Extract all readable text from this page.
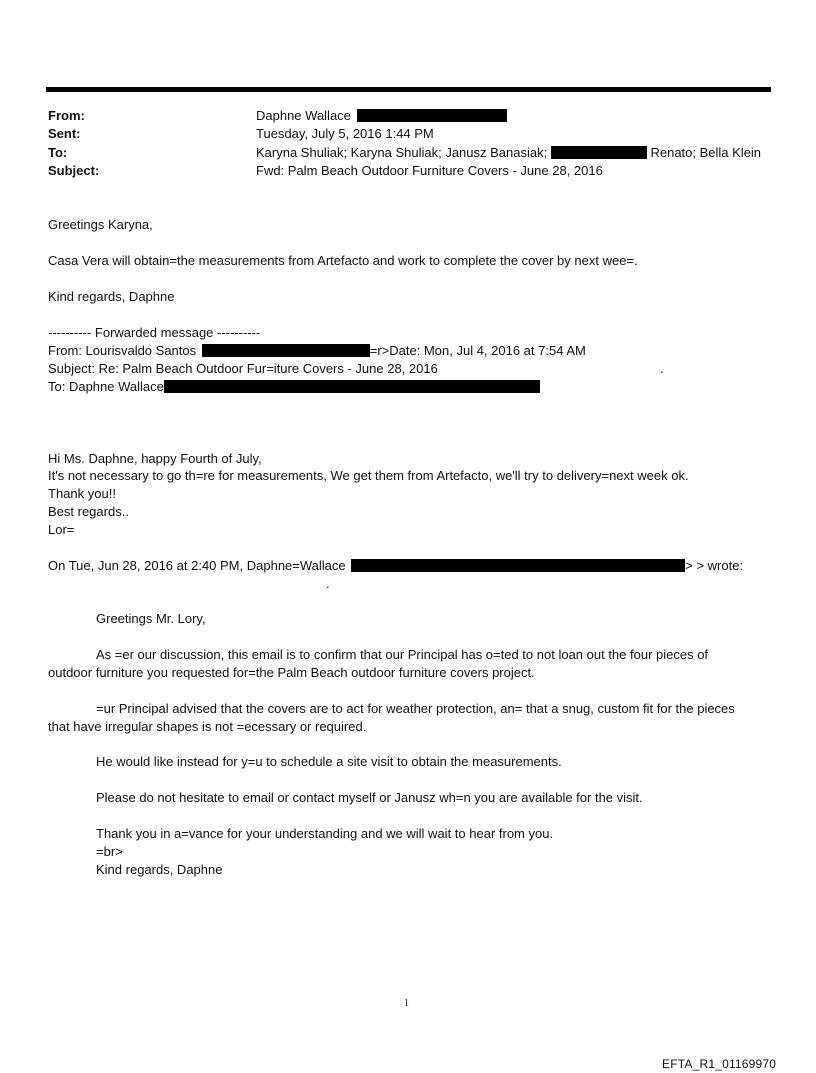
From:	Daphne Wallace
Sent:	Tuesday, July 5, 2016 1:44 PM
To:	Karyna Shuliak; Karyna Shuliak; Janusz Banasiak;	Renato; Bella Klein
Subject:	Fwd: Palm Beach Outdoor Furniture Covers - June 28, 2016
Greetings Karyna,
Casa Vera will obtain=the measurements from Artefacto and work to complete the cover by next wee=.
Kind regards, Daphne
---------- Forwarded message ----------
From: Lourisvaldo Santos	=r>Date: Mon, Jul 4, 2016 at 7:54 AM
Subject: Re: Palm Beach Outdoor Fur=iture Covers - June 28, 2016	.
To: Daphne Wallace
Hi Ms. Daphne, happy Fourth of July,
It's not necessary to go th=re for measurements, We get them from Artefacto, we'll try to delivery=next week ok.
Thank you!!
Best regards..
Lor=
On Tue, Jun 28, 2016 at 2:40 PM, Daphne=Wallace	> > wrote:
.
Greetings Mr. Lory,
As =er our discussion, this email is to confirm that our Principal has o=ted to not loan out the four pieces of
outdoor furniture you requested for=the Palm Beach outdoor furniture covers project.
=ur Principal advised that the covers are to act for weather protection, an= that a snug, custom fit for the pieces
that have irregular shapes is not =ecessary or required.
He would like instead for y=u to schedule a site visit to obtain the measurements.
Please do not hesitate to email or contact myself or Janusz wh=n you are available for the visit.
Thank you in a=vance for your understanding and we will wait to hear from you.
=br>
Kind regards, Daphne
1
EFTA_R1_01169970
